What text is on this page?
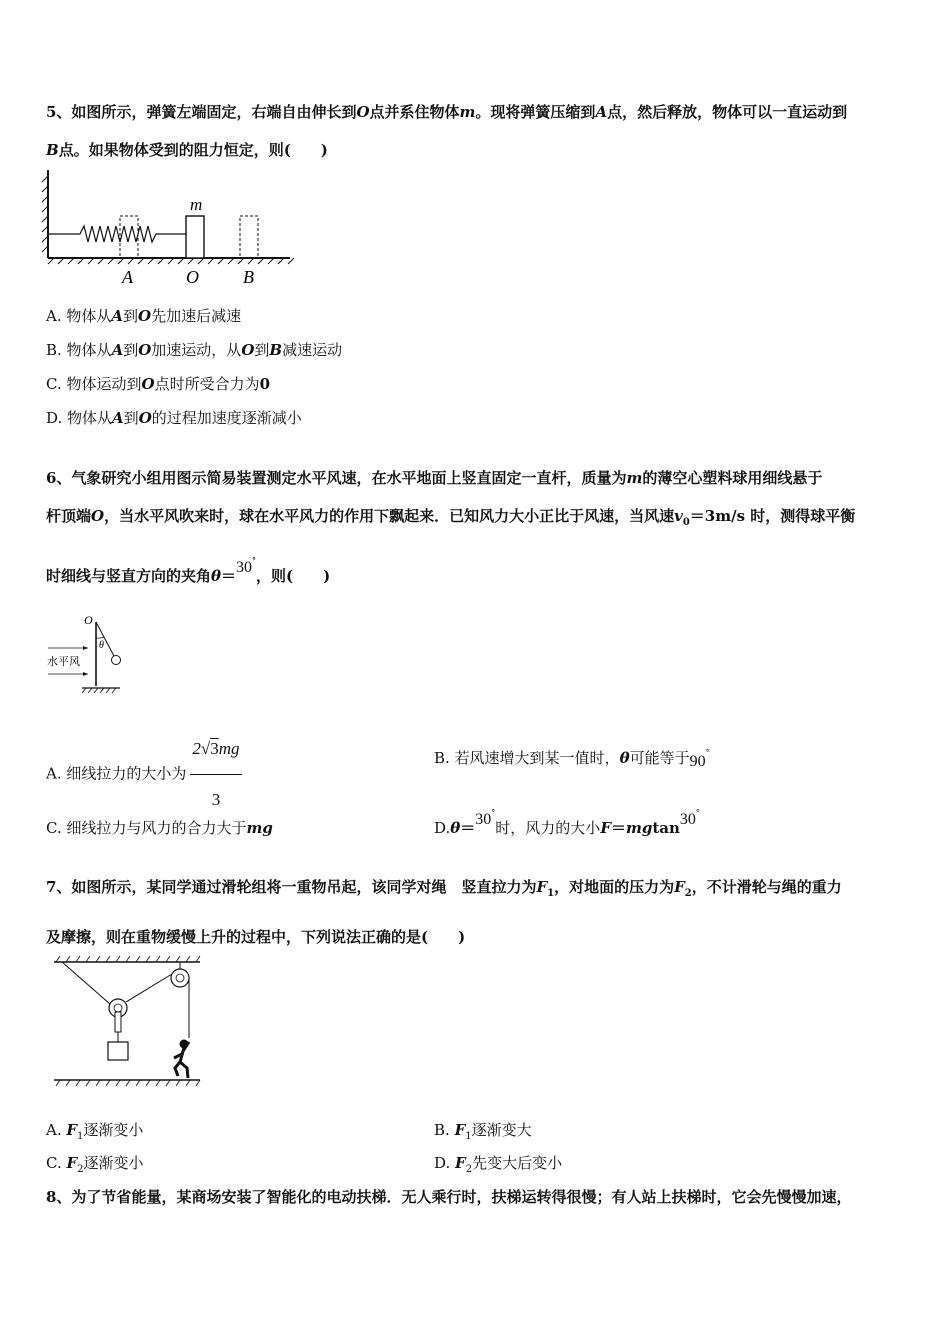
5、如图所示，弹簧左端固定，右端自由伸长到O点并系住物体m。现将弹簧压缩到A点，然后释放，物体可以一直运动到
B点。如果物体受到的阻力恒定，则(　　)
m
A	O B
A. 物体从A到O先加速后减速
B. 物体从A到O加速运动，从O到B减速运动
C. 物体运动到O点时所受合力为0
D. 物体从A到O的过程加速度逐渐减小
6、气象研究小组用图示简易装置测定水平风速，在水平地面上竖直固定一直杆，质量为m的薄空心塑料球用细线悬于
杆顶端O，当水平风吹来时，球在水平风力的作用下飘起来．已知风力大小正比于风速，当风速$v_0=3m/s$ 时，测得球平衡
时细线与竖直方向的夹角θ＝30°，则(　　)
O
θ
水平风
A. 细线拉力的大小为 $\frac{2√3mg}{3}$	B. 若风速增大到某一值时，θ可能等于90°
C. 细线拉力与风力的合力大于mg	D.θ＝30°时，风力的大小F＝mgtan30°
7、如图所示，某同学通过滑轮组将一重物吊起，该同学对绳　竖直拉力为$F_1$，对地面的压力为$F_2$，不计滑轮与绳的重力
及摩擦，则在重物缓慢上升的过程中，下列说法正确的是(　　)
A. $F_1$逐渐变小	B. $F_1$逐渐变大
C. $F_2$逐渐变小	D. $F_2$先变大后变小
8、为了节省能量，某商场安装了智能化的电动扶梯．无人乘行时，扶梯运转得很慢；有人站上扶梯时，它会先慢慢加速，
